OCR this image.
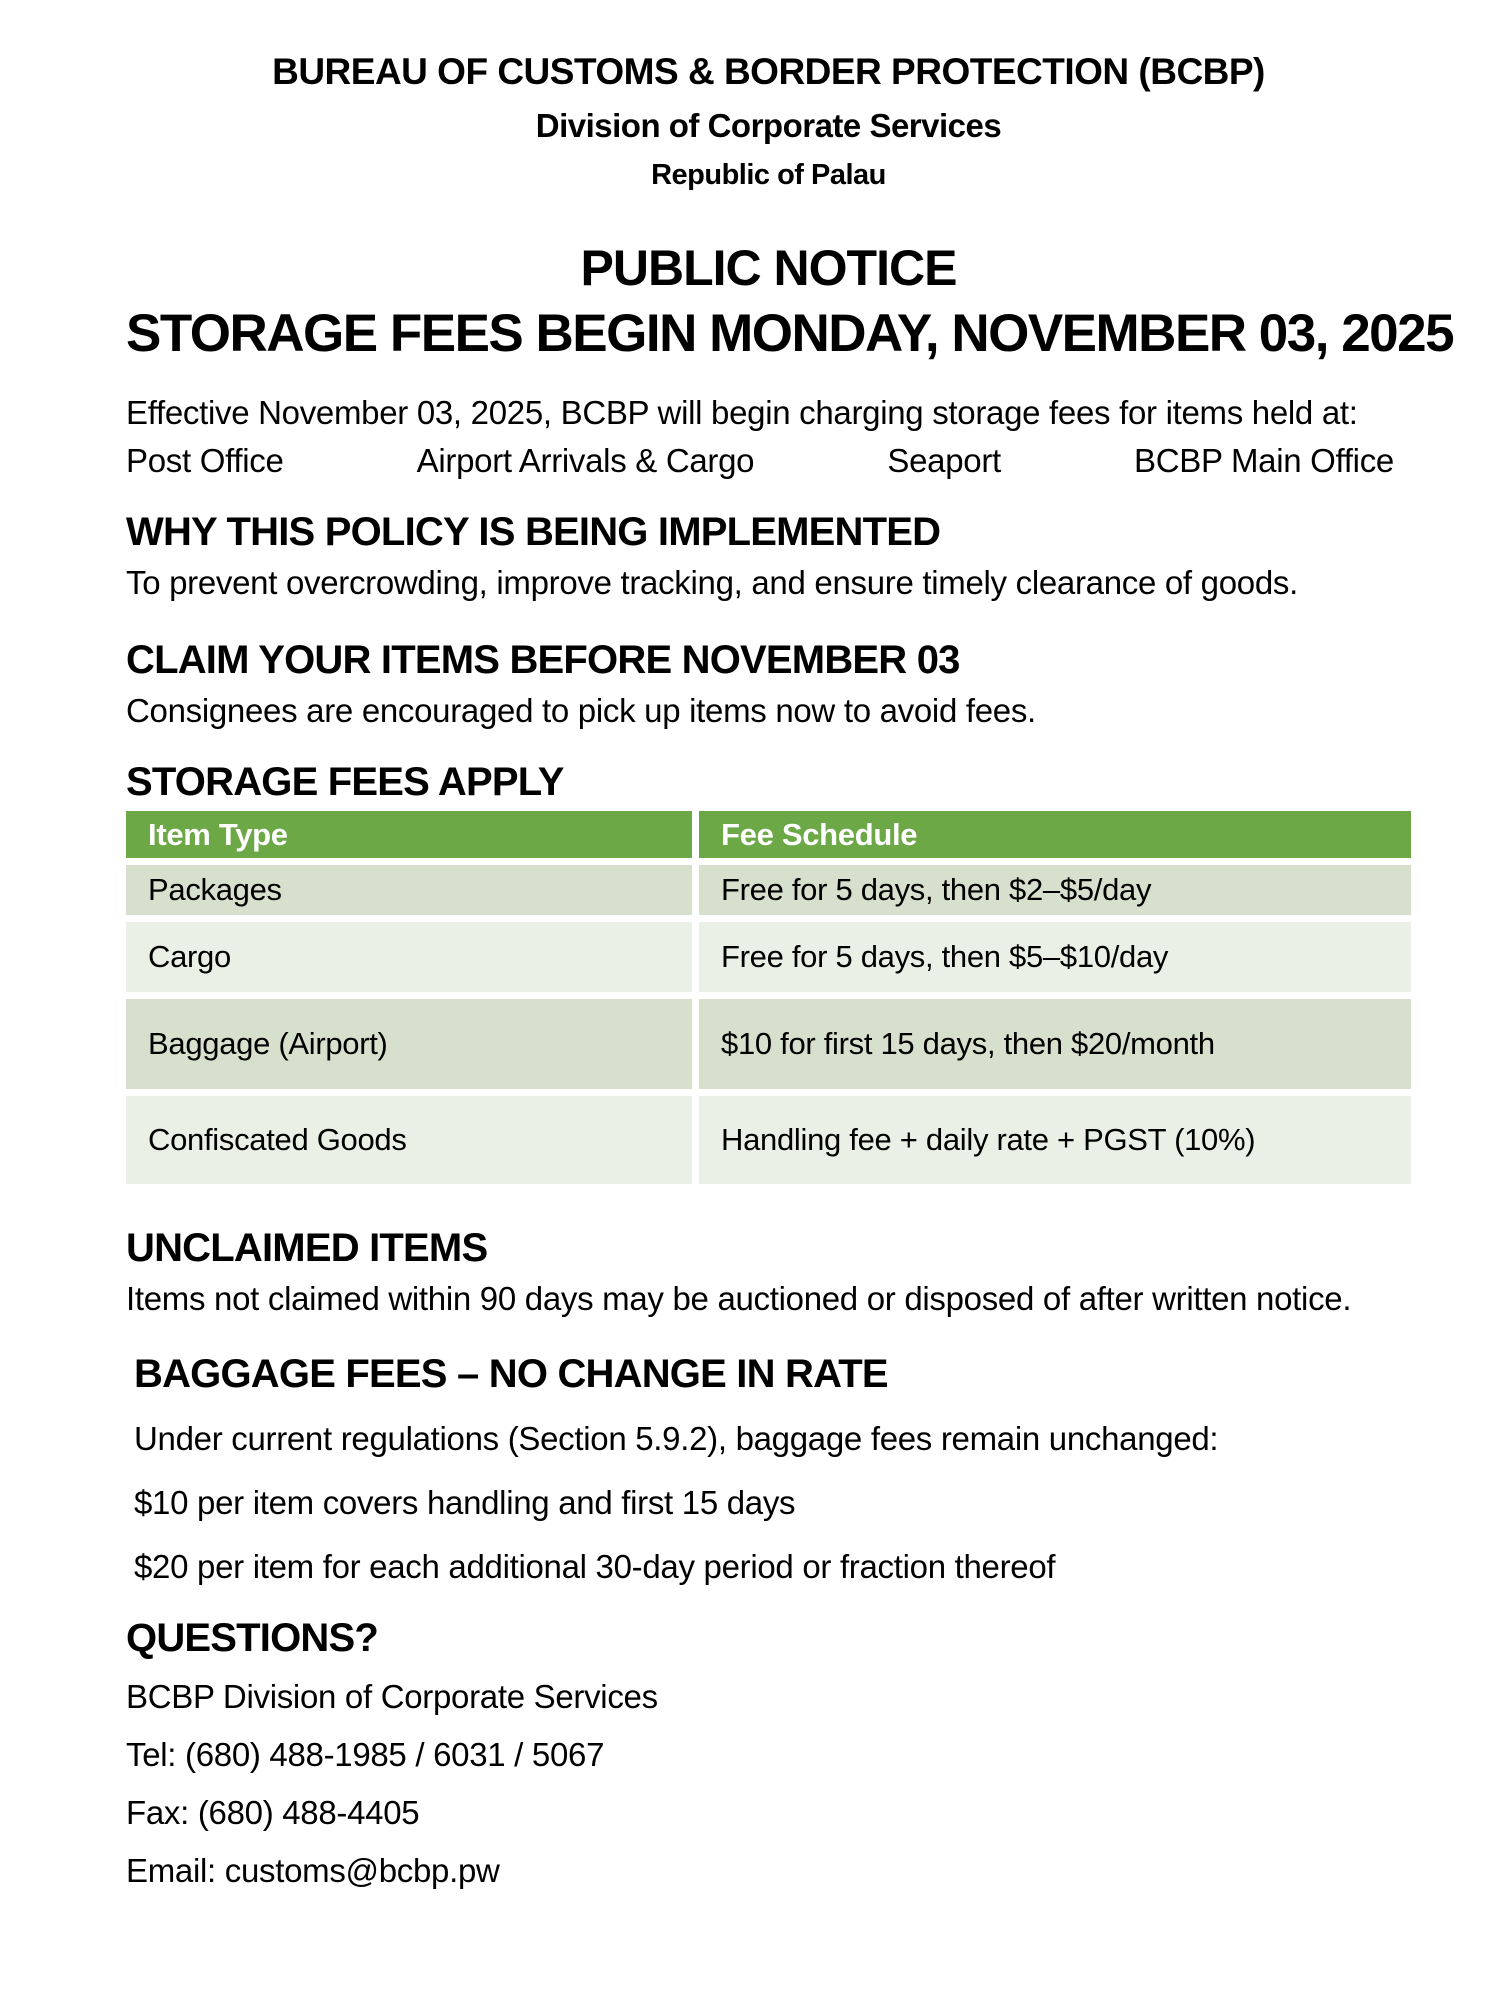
BUREAU OF CUSTOMS & BORDER PROTECTION (BCBP)
Division of Corporate Services
Republic of Palau
PUBLIC NOTICE
STORAGE FEES BEGIN MONDAY, NOVEMBER 03, 2025

Effective November 03, 2025, BCBP will begin charging storage fees for items held at:

Post Office	Airport Arrivals & Cargo	Seaport	BCBP Main Office
WHY THIS POLICY IS BEING IMPLEMENTED

To prevent overcrowding, improve tracking, and ensure timely clearance of goods.

CLAIM YOUR ITEMS BEFORE NOVEMBER 03

Consignees are encouraged to pick up items now to avoid fees.

STORAGE FEES APPLY
Item Type	Fee Schedule
Packages	Free for 5 days, then $2–$5/day
Cargo	Free for 5 days, then $5–$10/day
Baggage (Airport)	$10 for first 15 days, then $20/month
Confiscated Goods	Handling fee + daily rate + PGST (10%)
UNCLAIMED ITEMS

Items not claimed within 90 days may be auctioned or disposed of after written notice.

BAGGAGE FEES – NO CHANGE IN RATE

Under current regulations (Section 5.9.2), baggage fees remain unchanged:

$10 per item covers handling and first 15 days

$20 per item for each additional 30-day period or fraction thereof

QUESTIONS?

BCBP Division of Corporate Services

Tel: (680) 488-1985 / 6031 / 5067

Fax: (680) 488-4405

Email: customs@bcbp.pw
